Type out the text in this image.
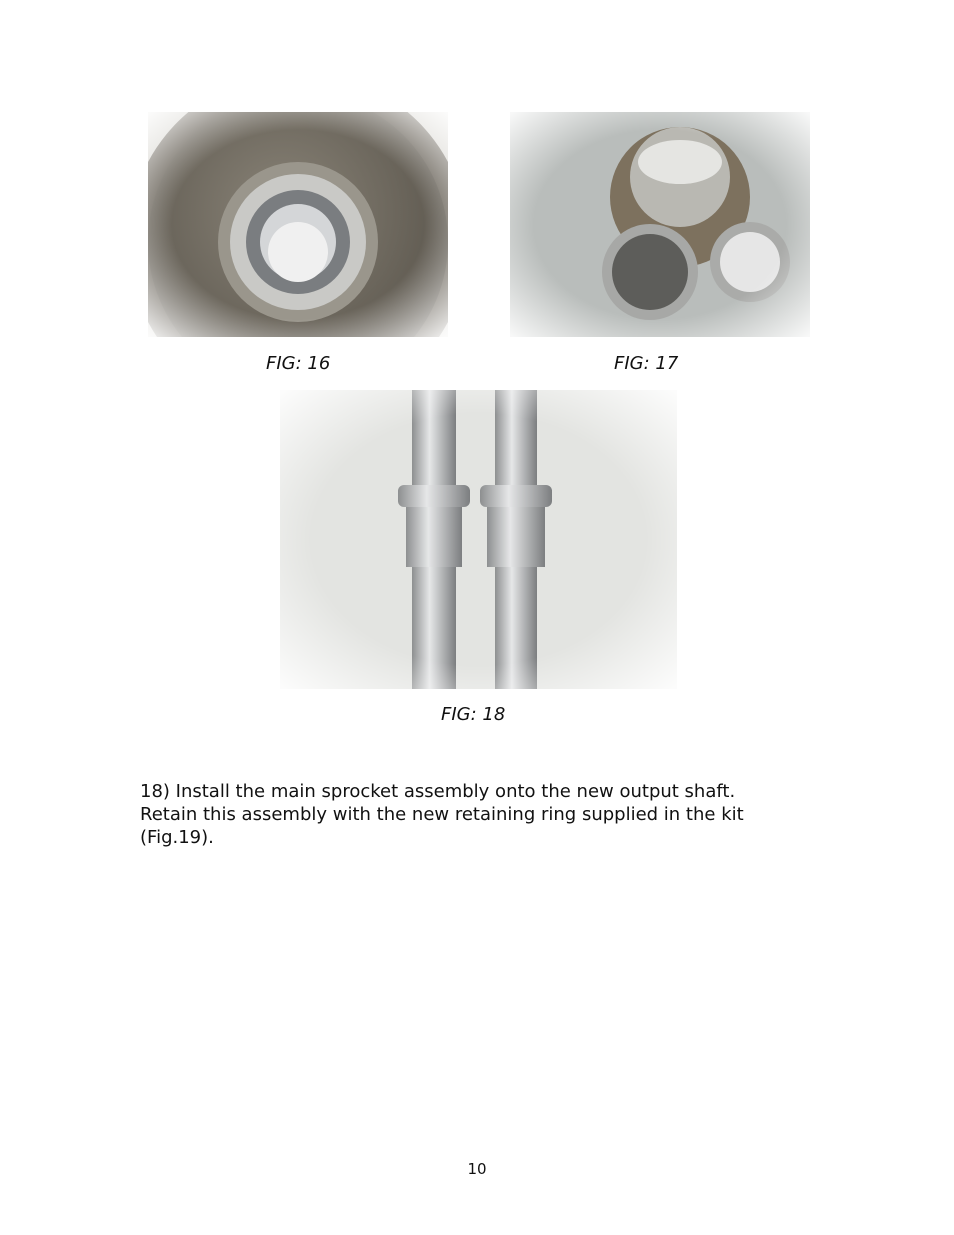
FIG: 16	FIG: 17
FIG: 18

18) Install the main sprocket assembly onto the new output shaft.

Retain this assembly with the new retaining ring supplied in the kit

(Fig.19).

10
